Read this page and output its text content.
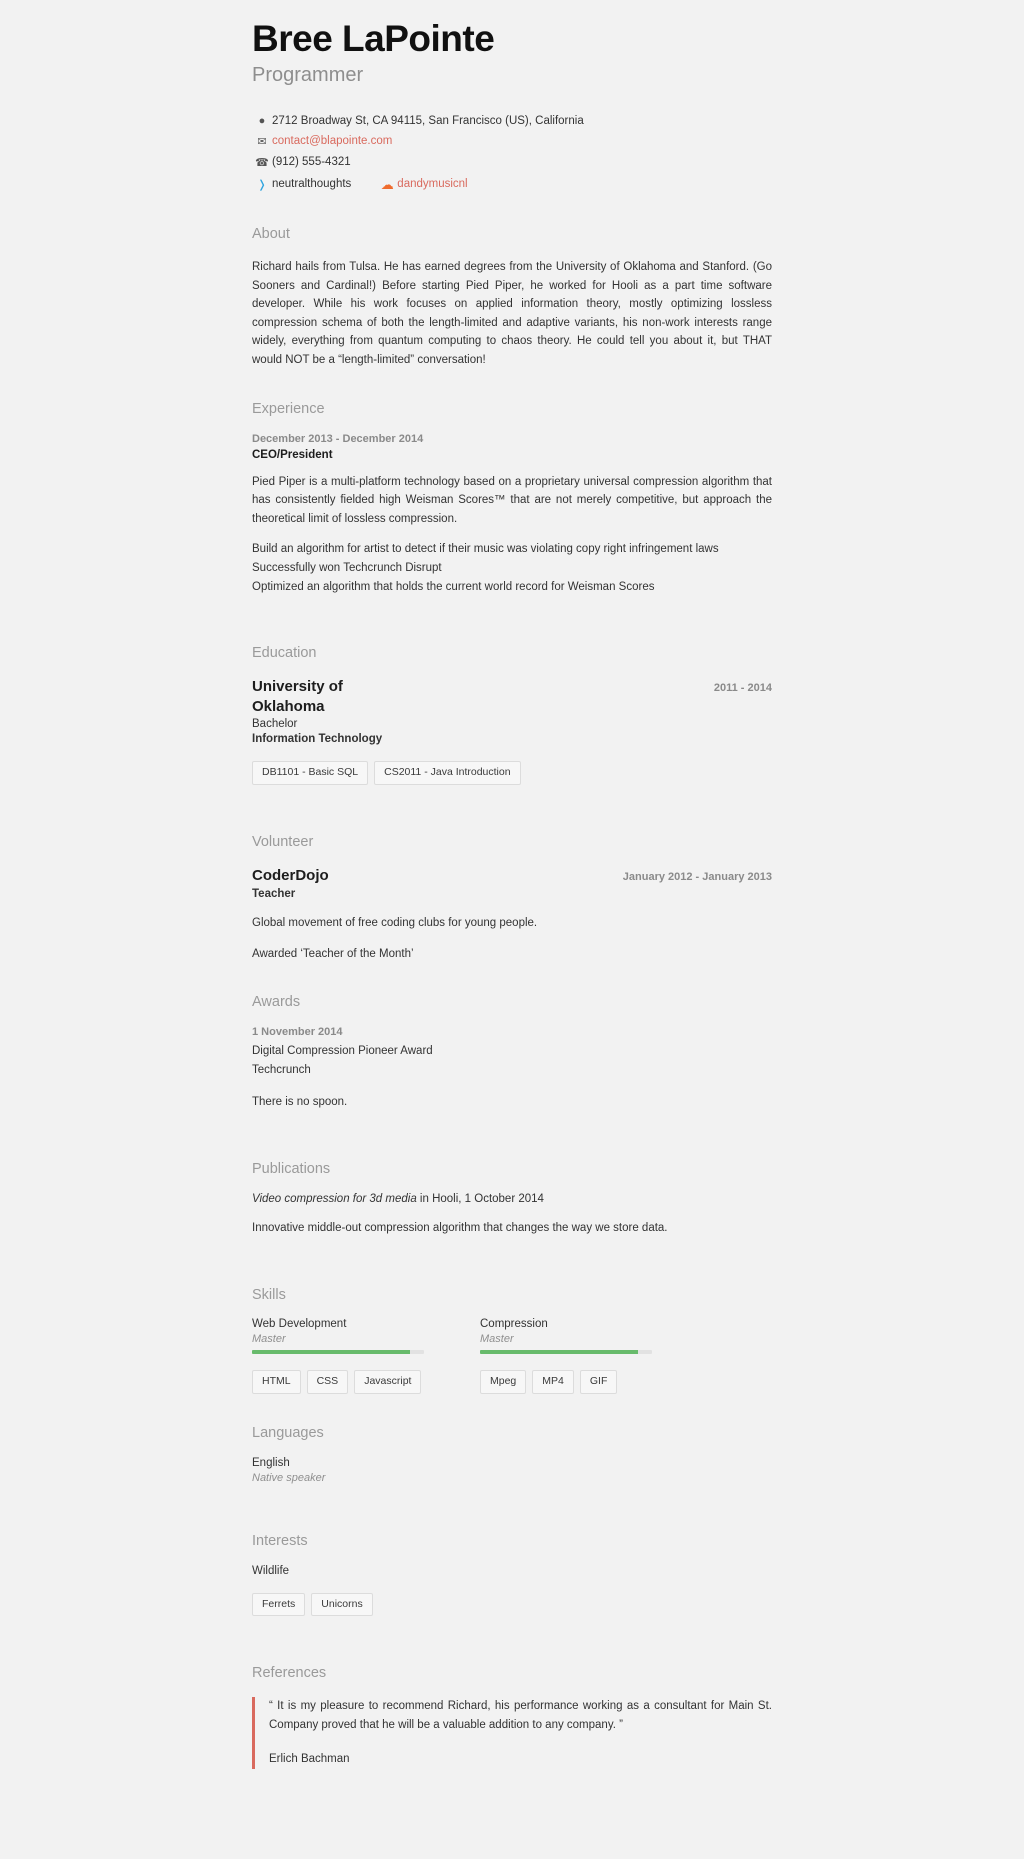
Bree LaPointe
Programmer
● 2712 Broadway St, CA 94115, San Francisco (US), California
✉ contact@blapointe.com
☎ (912) 555-4321
❭ neutralthoughts ☁ dandymusicnl
About

Richard hails from Tulsa. He has earned degrees from the University of Oklahoma and Stanford. (Go Sooners and Cardinal!) Before starting Pied Piper, he worked for Hooli as a part time software developer. While his work focuses on applied information theory, mostly optimizing lossless compression schema of both the length-limited and adaptive variants, his non-work interests range widely, everything from quantum computing to chaos theory. He could tell you about it, but THAT would NOT be a “length-limited” conversation!

Experience
December 2013 - December 2014
CEO/President

Pied Piper is a multi-platform technology based on a proprietary universal compression algorithm that has consistently fielded high Weisman Scores™ that are not merely competitive, but approach the theoretical limit of lossless compression.

Build an algorithm for artist to detect if their music was violating copy right infringement laws

Successfully won Techcrunch Disrupt

Optimized an algorithm that holds the current world record for Weisman Scores

Education
University of Oklahoma
2011 - 2014
Bachelor
Information Technology
DB1101 - Basic SQL	CS2011 - Java Introduction
Volunteer
CoderDojo	January 2012 - January 2013
Teacher

Global movement of free coding clubs for young people.

Awarded ‘Teacher of the Month’

Awards
1 November 2014
Digital Compression Pioneer Award
Techcrunch

There is no spoon.

Publications
Video compression for 3d media in Hooli, 1 October 2014

Innovative middle-out compression algorithm that changes the way we store data.

Skills
Web Development
Master
HTML	CSS	Javascript
Compression
Master
Mpeg	MP4	GIF
Languages
English
Native speaker
Interests
Wildlife
Ferrets	Unicorns
References

“ It is my pleasure to recommend Richard, his performance working as a consultant for Main St. Company proved that he will be a valuable addition to any company. ”

Erlich Bachman
